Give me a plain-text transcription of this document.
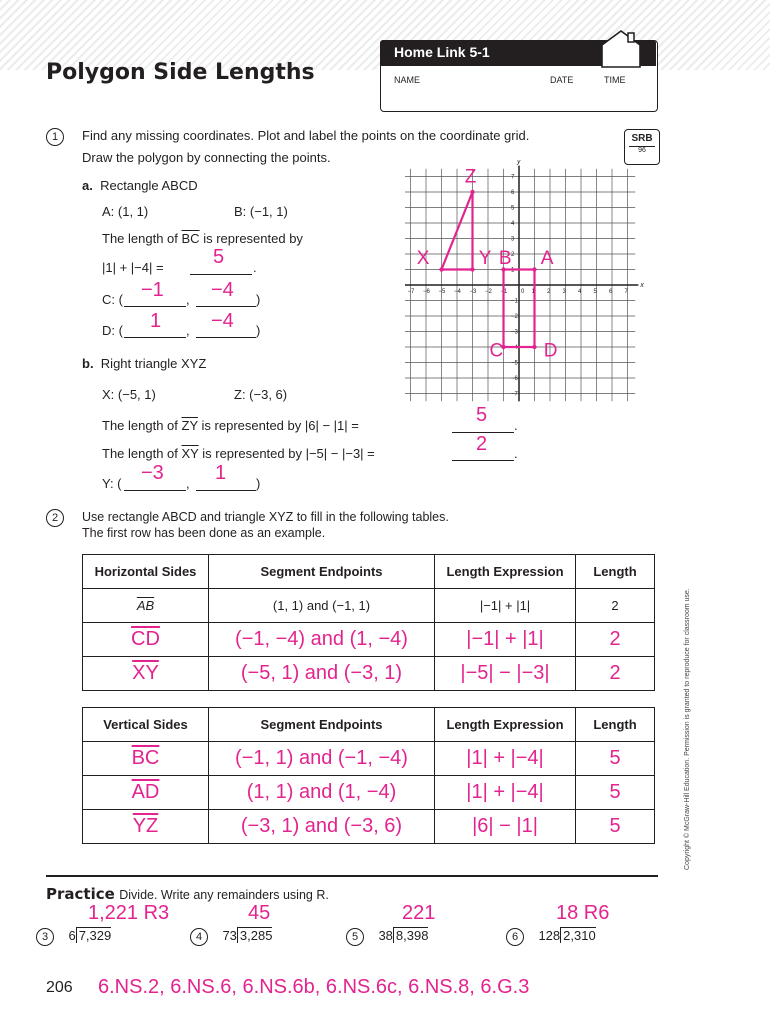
Polygon Side Lengths
Home Link 5-1
NAME	DATE	TIME
SRB
96
1	Find any missing coordinates. Plot and label the points on the coordinate grid.
Draw the polygon by connecting the points.
a. Rectangle ABCD
A: (1, 1)	B: (−1, 1)
The length of $\overline{BC}$ is represented by
|1| + |−4| =	.
5
C: (	,	)
−1 −4
D: (	,	)
1 −4
b. Right triangle XYZ
X: (−5, 1)	Z: (−3, 6)
The length of $\overline{ZY}$ is represented by |6| − |1| =	.
5
The length of $\overline{XY}$ is represented by |−5| − |−3| =	.
2
Y: (	,	)
−3	1
−7 −6 −5 −4 −3 −2 −1 0 1 2 3 4 5 6 7
7
6
5
4
3
2
1
−1
−2
−3
−4
−5
−6
−7
x
y
Z
X	Y B A
C D
2	Use rectangle ABCD and triangle XYZ to fill in the following tables.
The first row has been done as an example.
Horizontal Sides	Segment Endpoints	Length Expression	Length
$\overline{AB}$	(1, 1) and (−1, 1)	|−1| + |1|	2
$\overline{CD}$	(−1, −4) and (1, −4)	|−1| + |1|	2
$\overline{XY}$	(−5, 1) and (−3, 1)	|−5| − |−3|	2
Vertical Sides	Segment Endpoints	Length Expression	Length
$\overline{BC}$	(−1, 1) and (−1, −4)	|1| + |−4|	5
$\overline{AD}$	(1, 1) and (1, −4)	|1| + |−4|	5
$\overline{YZ}$	(−3, 1) and (−3, 6)	|6| − |1|	5	Copyright © McGraw-Hill Education. Permission is granted to reproduce for classroom use.
Practice Divide. Write any remainders using R.
1,221 R3	45	221	18 R6
3 6 7,329	4 73 3,285	5 38 8,398	6 128 2,310
206 6.NS.2, 6.NS.6, 6.NS.6b, 6.NS.6c, 6.NS.8, 6.G.3
